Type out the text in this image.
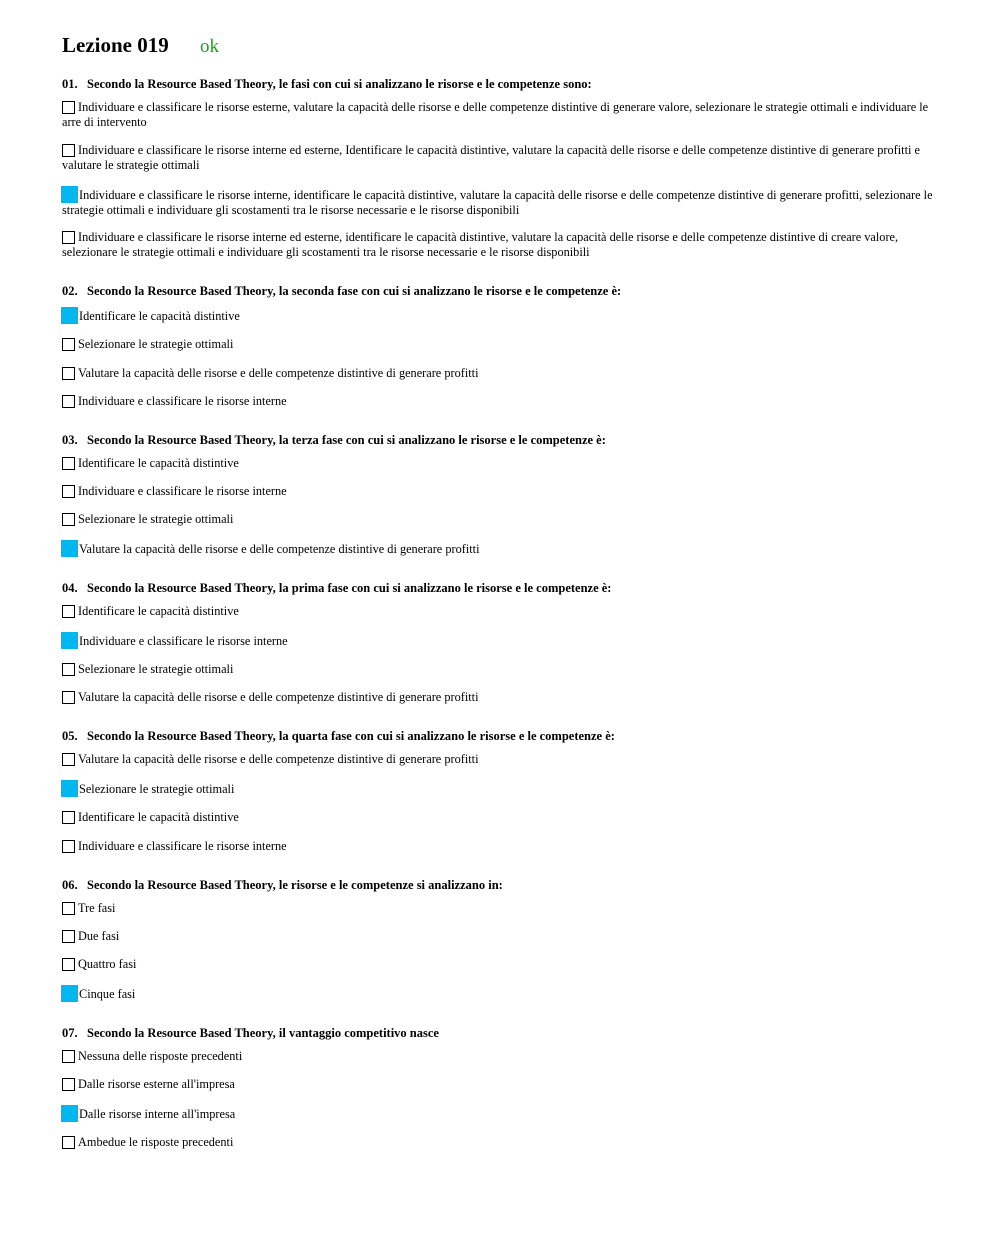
Lezione 019	ok
01. Secondo la Resource Based Theory, le fasi con cui si analizzano le risorse e le competenze sono:
Individuare e classificare le risorse esterne, valutare la capacità delle risorse e delle competenze distintive di generare valore, selezionare le strategie ottimali e individuare le arre di intervento
Individuare e classificare le risorse interne ed esterne, Identificare le capacità distintive, valutare la capacità delle risorse e delle competenze distintive di generare profitti e valutare le strategie ottimali
Individuare e classificare le risorse interne, identificare le capacità distintive, valutare la capacità delle risorse e delle competenze distintive di generare profitti, selezionare le strategie ottimali e individuare gli scostamenti tra le risorse necessarie e le risorse disponibili
Individuare e classificare le risorse interne ed esterne, identificare le capacità distintive, valutare la capacità delle risorse e delle competenze distintive di creare valore, selezionare le strategie ottimali e individuare gli scostamenti tra le risorse necessarie e le risorse disponibili
02. Secondo la Resource Based Theory, la seconda fase con cui si analizzano le risorse e le competenze è:
Identificare le capacità distintive
Selezionare le strategie ottimali
Valutare la capacità delle risorse e delle competenze distintive di generare profitti
Individuare e classificare le risorse interne
03. Secondo la Resource Based Theory, la terza fase con cui si analizzano le risorse e le competenze è:
Identificare le capacità distintive
Individuare e classificare le risorse interne
Selezionare le strategie ottimali
Valutare la capacità delle risorse e delle competenze distintive di generare profitti
04. Secondo la Resource Based Theory, la prima fase con cui si analizzano le risorse e le competenze è:
Identificare le capacità distintive
Individuare e classificare le risorse interne
Selezionare le strategie ottimali
Valutare la capacità delle risorse e delle competenze distintive di generare profitti
05. Secondo la Resource Based Theory, la quarta fase con cui si analizzano le risorse e le competenze è:
Valutare la capacità delle risorse e delle competenze distintive di generare profitti
Selezionare le strategie ottimali
Identificare le capacità distintive
Individuare e classificare le risorse interne
06. Secondo la Resource Based Theory, le risorse e le competenze si analizzano in:
Tre fasi
Due fasi
Quattro fasi
Cinque fasi
07. Secondo la Resource Based Theory, il vantaggio competitivo nasce
Nessuna delle risposte precedenti
Dalle risorse esterne all'impresa
Dalle risorse interne all'impresa
Ambedue le risposte precedenti
